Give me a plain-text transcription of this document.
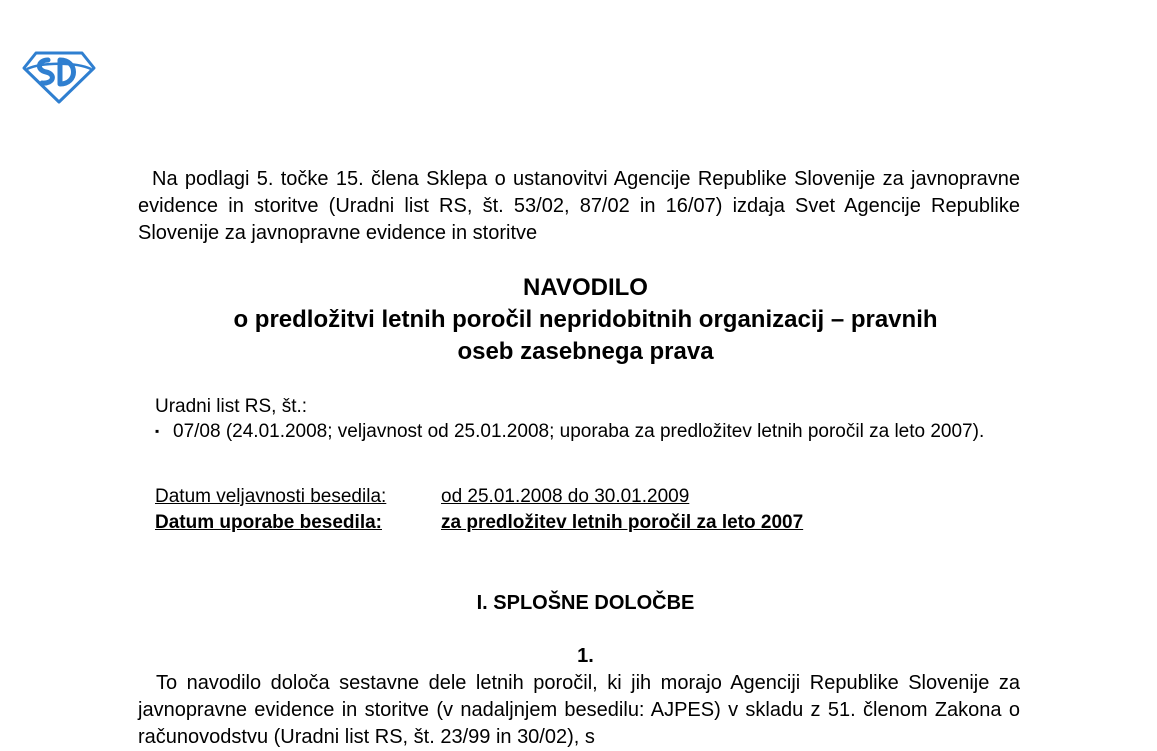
Na podlagi 5. točke 15. člena Sklepa o ustanovitvi Agencije Republike Slovenije za javnopravne evidence in storitve (Uradni list RS, št. 53/02, 87/02 in 16/07) izdaja Svet Agencije Republike Slovenije za javnopravne evidence in storitve
NAVODILO
o predložitvi letnih poročil nepridobitnih organizacij – pravnih
oseb zasebnega prava
Uradni list RS, št.:
▪ 07/08 (24.01.2008; veljavnost od 25.01.2008; uporaba za predložitev letnih poročil za leto 2007).
Datum veljavnosti besedila:	od 25.01.2008 do 30.01.2009
Datum uporabe besedila:	za predložitev letnih poročil za leto 2007
I. SPLOŠNE DOLOČBE
1.
To navodilo določa sestavne dele letnih poročil, ki jih morajo Agenciji Republike Slovenije za javnopravne evidence in storitve (v nadaljnjem besedilu: AJPES) v skladu z 51. členom Zakona o računovodstvu (Uradni list RS, št. 23/99 in 30/02), s
